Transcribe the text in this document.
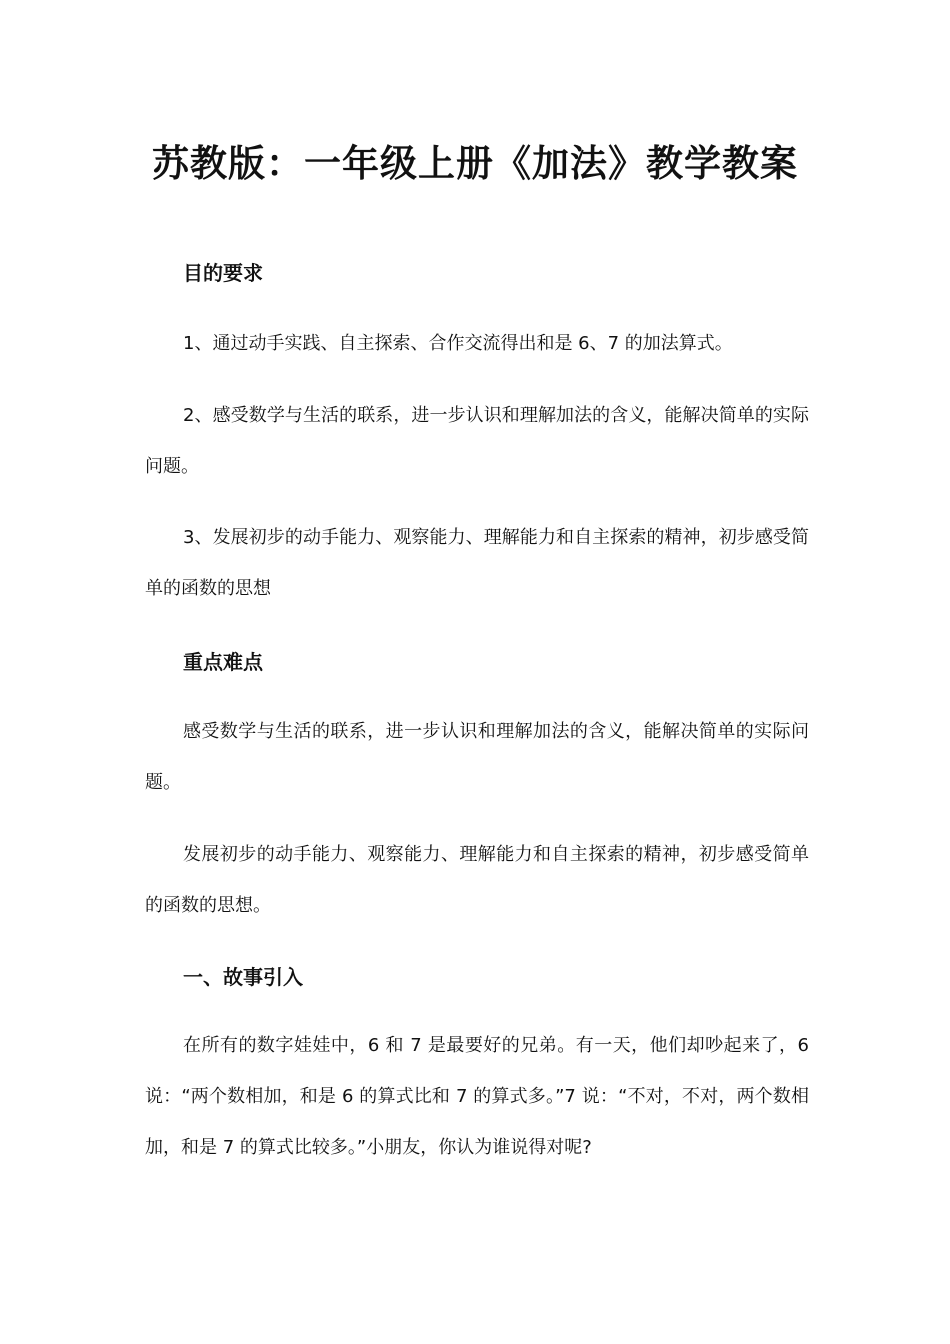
苏教版：一年级上册《加法》教学教案
目的要求

1、通过动手实践、自主探索、合作交流得出和是 6、7 的加法算式。

2、感受数学与生活的联系，进一步认识和理解加法的含义，能解决简单的实际问题。

3、发展初步的动手能力、观察能力、理解能力和自主探索的精神，初步感受简单的函数的思想

重点难点

感受数学与生活的联系，进一步认识和理解加法的含义，能解决简单的实际问题。

发展初步的动手能力、观察能力、理解能力和自主探索的精神，初步感受简单的函数的思想。

一、故事引入

在所有的数字娃娃中，6 和 7 是最要好的兄弟。有一天，他们却吵起来了，6 说：“两个数相加，和是 6 的算式比和 7 的算式多。”7 说：“不对，不对，两个数相加，和是 7 的算式比较多。”小朋友，你认为谁说得对呢?
